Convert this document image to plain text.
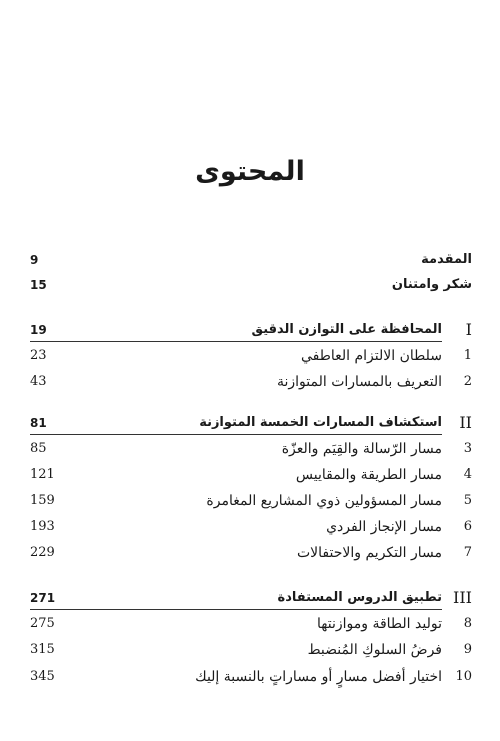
المحتوى
9	المقدمة
15	شكر وامتنان
19	المحافظة على التوازن الدقيق I
23	سلطان الالتزام العاطفي	1
43	التعريف بالمسارات المتوازنة	2
81	استكشاف المسارات الخمسة المتوازنة II
85	مسار الرّسالة والقِيَم والعزّة	3
121	مسار الطريقة والمقاييس	4
159	مسار المسؤولين ذوي المشاريع المغامرة	5
193	مسار الإنجاز الفردي	6
229	مسار التكريم والاحتفالات	7
271	تطبيق الدروس المستفادة III
275	توليد الطاقة وموازنتها	8
315	فرضُ السلوكِ المُنضبط	9
345	اختيار أفضل مسارٍ أو مساراتٍ بالنسبة إليك	10
